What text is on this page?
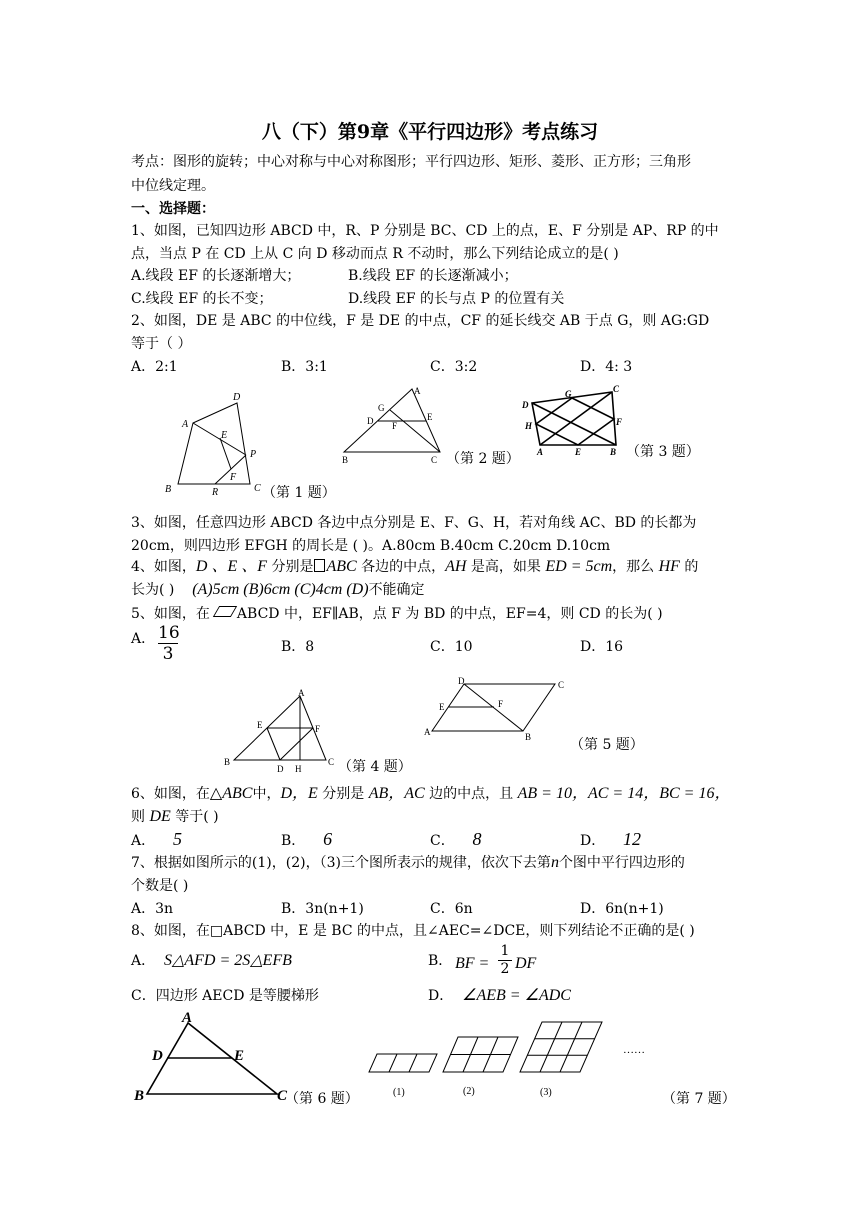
八（下）第9章《平行四边形》考点练习
考点：图形的旋转；中心对称与中心对称图形；平行四边形、矩形、菱形、正方形；三角形
中位线定理。
一、选择题：
1、如图，已知四边形 ABCD 中，R、P 分别是 BC、CD 上的点，E、F 分别是 AP、RP 的中
点，当点 P 在 CD 上从 C 向 D 移动而点 R 不动时，那么下列结论成立的是( )
A.线段 EF 的长逐渐增大；	B.线段 EF 的长逐渐减小；
C.线段 EF 的长不变；	D.线段 EF 的长与点 P 的位置有关
2、如图，DE 是 ABC 的中位线，F 是 DE 的中点，CF 的延长线交 AB 于点 G，则 AG:GD
等于（ ）
A．2:1	B．3:1	C．3:2	D．4: 3
A
D
E
P
F
B	R	C （第 1 题）
A
G
D	E
F
B	C （第 2 题）
D
G	C
H	F
A	E	B （第 3 题）
3、如图，任意四边形 ABCD 各边中点分别是 E、F、G、H，若对角线 AC、BD 的长都为
20cm，则四边形 EFGH 的周长是 ( )。A.80cm B.40cm C.20cm D.10cm
4、如图，D 、E 、F 分别是 ABC 各边的中点，AH 是高，如果 ED = 5cm，那么 HF 的
长为( ) (A)5cm (B)6cm (C)4cm (D)不能确定
5、如图，在 ABCD 中，EF∥AB，点 F 为 BD 的中点，EF=4，则 CD 的长为( )
A． 16
3	B．8	C．10	D．16
A
E	F
B
D H
C （第 4 题）
D	C
E	F
A	B	（第 5 题）
6、如图，在△ABC中，D，E 分别是 AB，AC 边的中点，且 AB = 10，AC = 14，BC = 16，
则 DE 等于( )
A． 5	B． 6	C． 8	D． 12
7、根据如图所示的(1)，(2)，（3)三个图所表示的规律，依次下去第n个图中平行四边形的
个数是( )
A．3n	B．3n(n+1)	C．6n	D．6n(n+1)
8、如图，在□ABCD 中，E 是 BC 的中点，且∠AEC=∠DCE，则下列结论不正确的是( )
A． S△AFD = 2S△EFB	B． BF =
1
2 DF
C．四边形 AECD 是等腰梯形	D． ∠AEB = ∠ADC
A
D	E
B	C
（第 6 题）	(1)	(2)	(3)
……
（第 7 题）
